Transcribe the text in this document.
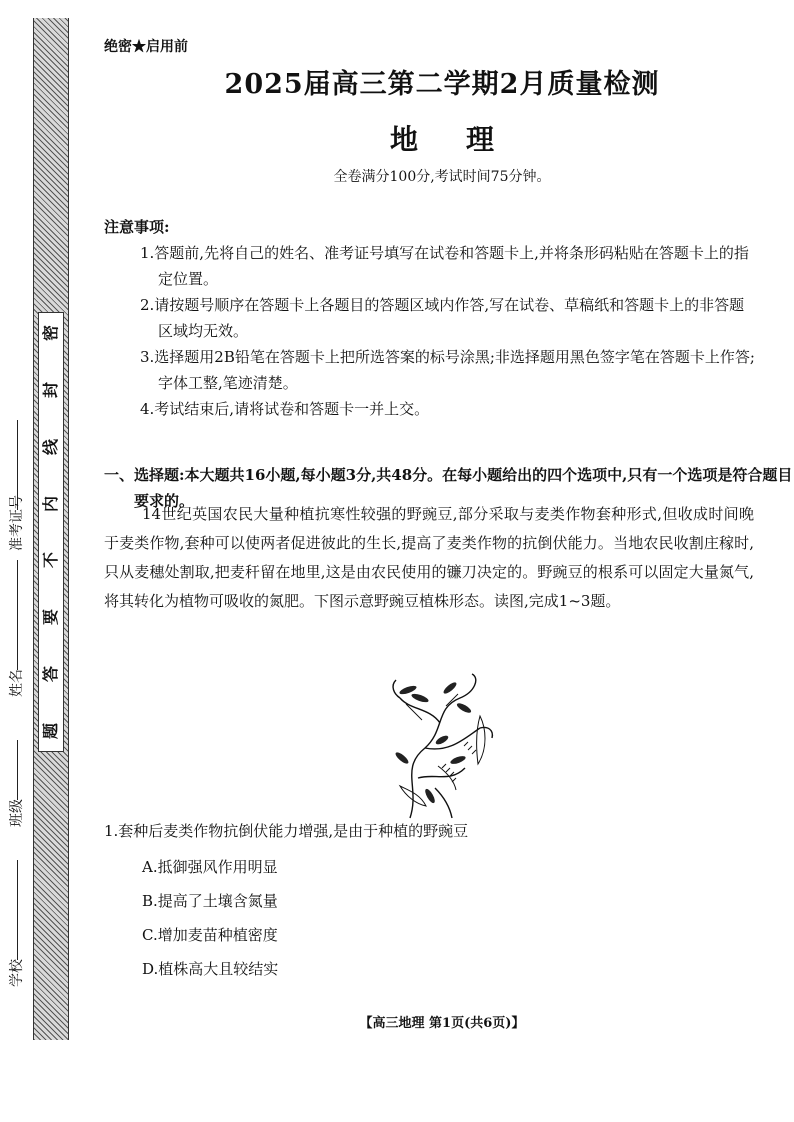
密
封
线
内
不
要
答
题
准考证号
姓名
班级
学校
绝密★启用前
2025届高三第二学期2月质量检测
地理
全卷满分100分,考试时间75分钟。
注意事项:
1.答题前,先将自己的姓名、准考证号填写在试卷和答题卡上,并将条形码粘贴在答题卡上的指定位置。
2.请按题号顺序在答题卡上各题目的答题区域内作答,写在试卷、草稿纸和答题卡上的非答题区域均无效。
3.选择题用2B铅笔在答题卡上把所选答案的标号涂黑;非选择题用黑色签字笔在答题卡上作答;字体工整,笔迹清楚。
4.考试结束后,请将试卷和答题卡一并上交。
一、选择题:本大题共16小题,每小题3分,共48分。在每小题给出的四个选项中,只有一个选项是符合题目要求的。
14世纪英国农民大量种植抗寒性较强的野豌豆,部分采取与麦类作物套种形式,但收成时间晚于麦类作物,套种可以使两者促进彼此的生长,提高了麦类作物的抗倒伏能力。当地农民收割庄稼时,只从麦穗处割取,把麦秆留在地里,这是由农民使用的镰刀决定的。野豌豆的根系可以固定大量氮气,将其转化为植物可吸收的氮肥。下图示意野豌豆植株形态。读图,完成1~3题。
1.套种后麦类作物抗倒伏能力增强,是由于种植的野豌豆
A.抵御强风作用明显
B.提高了土壤含氮量
C.增加麦苗种植密度
D.植株高大且较结实
【高三地理 第1页(共6页)】
